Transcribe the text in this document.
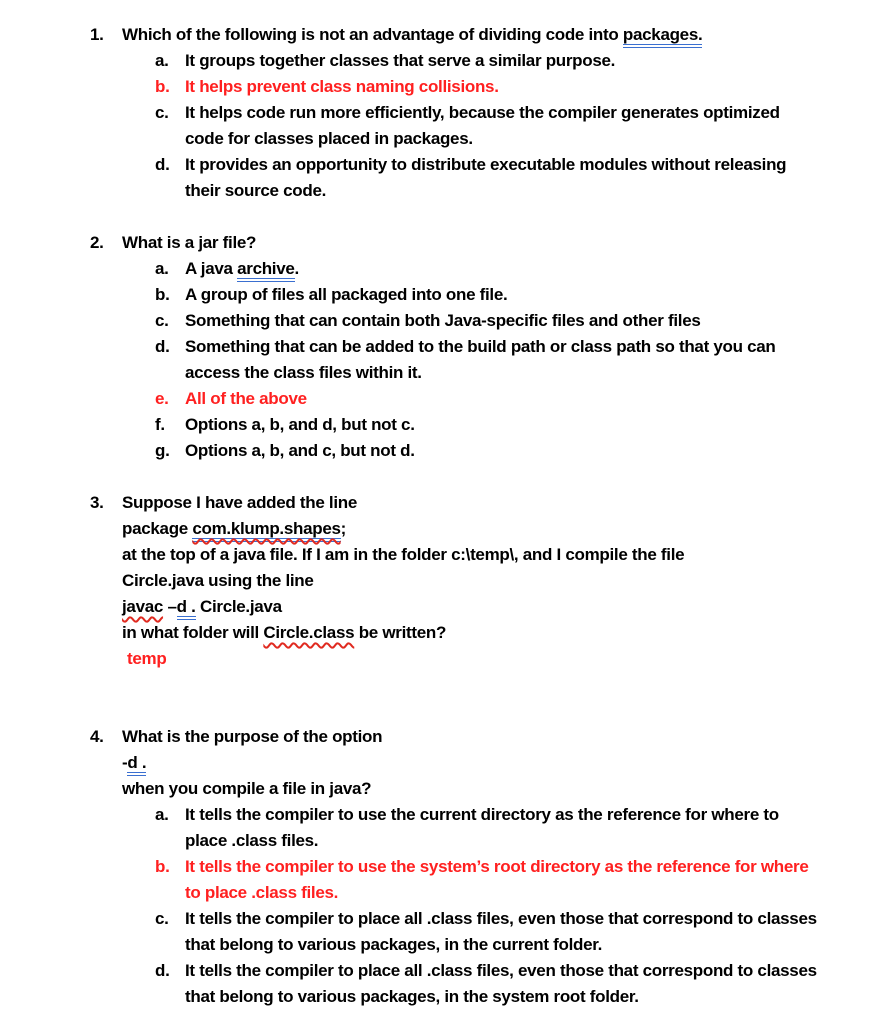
1.	Which of the following is not an advantage of dividing code into packages.
a. It groups together classes that serve a similar purpose.
b. It helps prevent class naming collisions.
c. It helps code run more efficiently, because the compiler generates optimized code for classes placed in packages.
d. It provides an opportunity to distribute executable modules without releasing their source code.
2.	What is a jar file?
a. A java archive.
b. A group of files all packaged into one file.
c. Something that can contain both Java-specific files and other files
d. Something that can be added to the build path or class path so that you can access the class files within it.
e. All of the above
f.	Options a, b, and d, but not c.
g. Options a, b, and c, but not d.
3.	Suppose I have added the line
package com.klump.shapes;
at the top of a java file. If I am in the folder c:\temp\, and I compile the file
Circle.java using the line
javac –d . Circle.java
in what folder will Circle.class be written?
temp
4.	What is the purpose of the option
-d .
when you compile a file in java?
a. It tells the compiler to use the current directory as the reference for where to place .class files.
b. It tells the compiler to use the system’s root directory as the reference for where to place .class files.
c. It tells the compiler to place all .class files, even those that correspond to classes that belong to various packages, in the current folder.
d. It tells the compiler to place all .class files, even those that correspond to classes that belong to various packages, in the system root folder.
